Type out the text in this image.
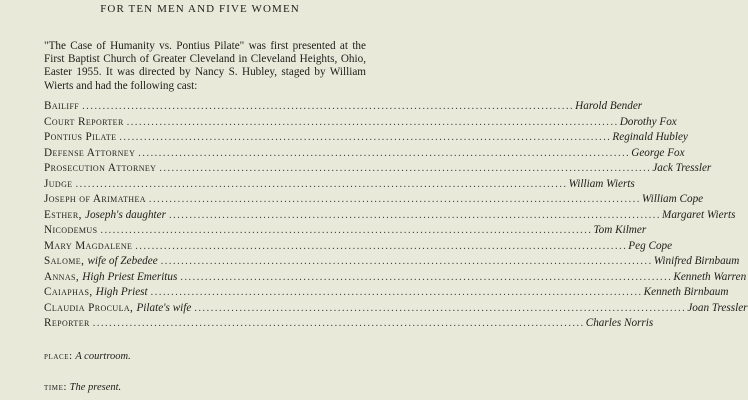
FOR TEN MEN AND FIVE WOMEN

"The Case of Humanity vs. Pontius Pilate" was first presented at the First Baptist Church of Greater Cleveland in Cleveland Heights, Ohio, Easter 1955. It was directed by Nancy S. Hubley, staged by William Wierts and had the following cast:

Bailiff ........................................................................................................................ Harold Bender
Court Reporter ........................................................................................................................ Dorothy Fox
Pontius Pilate ........................................................................................................................ Reginald Hubley
Defense Attorney ........................................................................................................................ George Fox
Prosecution Attorney ........................................................................................................................ Jack Tressler
Judge ........................................................................................................................ William Wierts
Joseph of Arimathea ........................................................................................................................ William Cope
Esther, Joseph's daughter ........................................................................................................................ Margaret Wierts
Nicodemus ........................................................................................................................ Tom Kilmer
Mary Magdalene ........................................................................................................................ Peg Cope
Salome, wife of Zebedee ........................................................................................................................ Winifred Birnbaum
Annas, High Priest Emeritus ........................................................................................................................ Kenneth Warren
Caiaphas, High Priest ........................................................................................................................ Kenneth Birnbaum
Claudia Procula, Pilate's wife ........................................................................................................................ Joan Tressler
Reporter ........................................................................................................................ Charles Norris
place: A courtroom.
time: The present.
